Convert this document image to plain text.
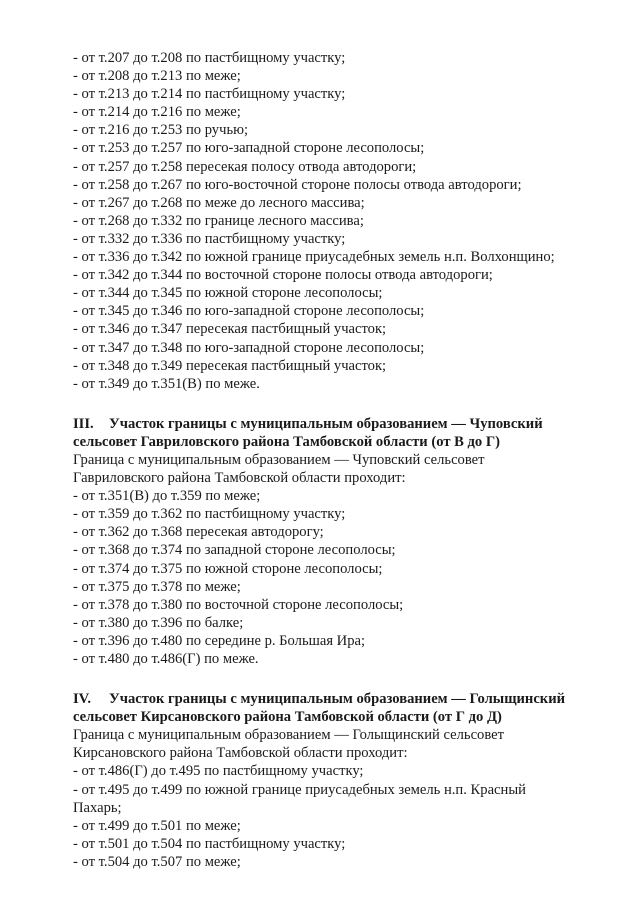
- от т.207 до т.208 по пастбищному участку;
- от т.208 до т.213 по меже;
- от т.213 до т.214 по пастбищному участку;
- от т.214 до т.216 по меже;
- от т.216 до т.253 по ручью;
- от т.253 до т.257 по юго-западной стороне лесополосы;
- от т.257 до т.258 пересекая полосу отвода автодороги;
- от т.258 до т.267 по юго-восточной стороне полосы отвода автодороги;
- от т.267 до т.268 по меже до лесного массива;
- от т.268 до т.332 по границе лесного массива;
- от т.332 до т.336 по пастбищному участку;
- от т.336 до т.342 по южной границе приусадебных земель н.п. Волхонщино;
- от т.342 до т.344 по восточной стороне полосы отвода автодороги;
- от т.344 до т.345 по южной стороне лесополосы;
- от т.345 до т.346 по юго-западной стороне лесополосы;
- от т.346 до т.347 пересекая пастбищный участок;
- от т.347 до т.348 по юго-западной стороне лесополосы;
- от т.348 до т.349 пересекая пастбищный участок;
- от т.349 до т.351(В) по меже.
III. Участок границы с муниципальным образованием — Чуповский
сельсовет Гавриловского района Тамбовской области (от В до Г)
Граница с муниципальным образованием — Чуповский сельсовет
Гавриловского района Тамбовской области проходит:
- от т.351(В) до т.359 по меже;
- от т.359 до т.362 по пастбищному участку;
- от т.362 до т.368 пересекая автодорогу;
- от т.368 до т.374 по западной стороне лесополосы;
- от т.374 до т.375 по южной стороне лесополосы;
- от т.375 до т.378 по меже;
- от т.378 до т.380 по восточной стороне лесополосы;
- от т.380 до т.396 по балке;
- от т.396 до т.480 по середине р. Большая Ира;
- от т.480 до т.486(Г) по меже.
IV. Участок границы с муниципальным образованием — Голыщинский
сельсовет Кирсановского района Тамбовской области (от Г до Д)
Граница с муниципальным образованием — Голыщинский сельсовет
Кирсановского района Тамбовской области проходит:
- от т.486(Г) до т.495 по пастбищному участку;
- от т.495 до т.499 по южной границе приусадебных земель н.п. Красный
Пахарь;
- от т.499 до т.501 по меже;
- от т.501 до т.504 по пастбищному участку;
- от т.504 до т.507 по меже;
